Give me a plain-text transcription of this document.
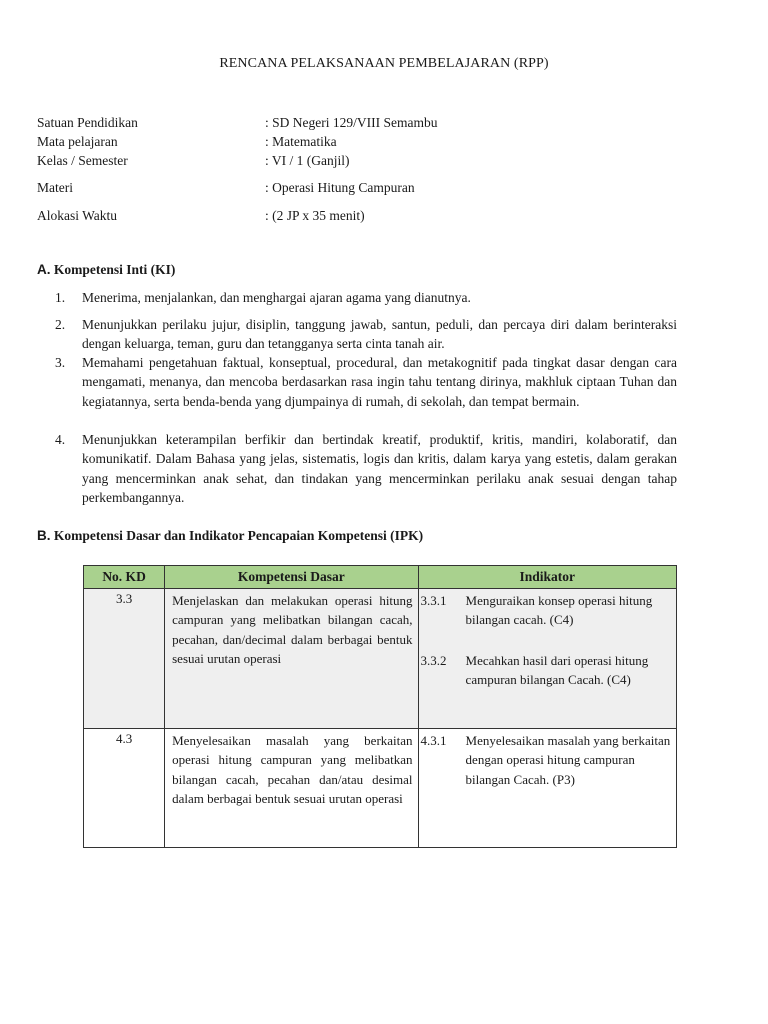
RENCANA PELAKSANAAN PEMBELAJARAN (RPP)
Satuan Pendidikan	: SD Negeri 129/VIII Semambu
Mata pelajaran	: Matematika
Kelas / Semester	: VI / 1 (Ganjil)
Materi	: Operasi Hitung Campuran
Alokasi Waktu	: (2 JP x 35 menit)
A. Kompetensi Inti (KI)
1. Menerima, menjalankan, dan menghargai ajaran agama yang dianutnya.
2. Menunjukkan perilaku jujur, disiplin, tanggung jawab, santun, peduli, dan percaya diri dalam berinteraksi dengan keluarga, teman, guru dan tetangganya serta cinta tanah air.
3. Memahami pengetahuan faktual, konseptual, procedural, dan metakognitif pada tingkat dasar dengan cara mengamati, menanya, dan mencoba berdasarkan rasa ingin tahu tentang dirinya, makhluk ciptaan Tuhan dan kegiatannya, serta benda-benda yang djumpainya di rumah, di sekolah, dan tempat bermain.
4. Menunjukkan keterampilan berfikir dan bertindak kreatif, produktif, kritis, mandiri, kolaboratif, dan komunikatif. Dalam Bahasa yang jelas, sistematis, logis dan kritis, dalam karya yang estetis, dalam gerakan yang mencerminkan anak sehat, dan tindakan yang mencerminkan perilaku anak sesuai dengan tahap perkembangannya.
B. Kompetensi Dasar dan Indikator Pencapaian Kompetensi (IPK)
No. KD	Kompetensi Dasar	Indikator
3.3	Menjelaskan dan melakukan operasi hitung campuran yang melibatkan bilangan cacah, pecahan, dan/decimal dalam berbagai bentuk sesuai urutan operasi	3.3.1 Menguraikan konsep operasi hitung bilangan cacah. (C4)
3.3.2 Mecahkan hasil dari operasi hitung campuran bilangan Cacah. (C4)

4.3	Menyelesaikan masalah yang berkaitan operasi hitung campuran yang melibatkan bilangan cacah, pecahan dan/atau desimal dalam berbagai bentuk sesuai urutan operasi	4.3.1 Menyelesaikan masalah yang berkaitan dengan operasi hitung campuran bilangan Cacah. (P3)
